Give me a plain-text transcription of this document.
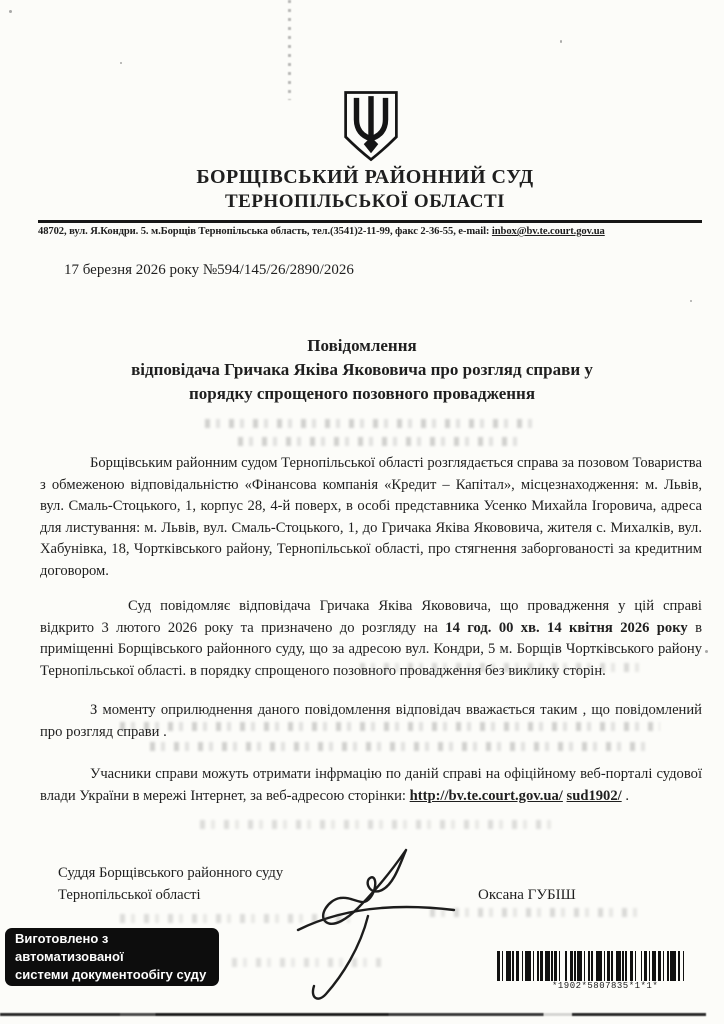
БОРЩІВСЬКИЙ РАЙОННИЙ СУД
ТЕРНОПІЛЬСЬКОЇ ОБЛАСТІ
48702, вул. Я.Кондри. 5. м.Борщів Тернопільська область, тел.(3541)2-11-99, факс 2-36-55, e-mail: inbox@bv.te.court.gov.ua
17 березня 2026 року №594/145/26/2890/2026
Повідомлення
відповідача Гричака Яківа Якововича про розгляд справи у
порядку спрощеного позовного провадження
Борщівським районним судом Тернопільської області розглядається справа за позовом Товариства з обмеженою відповідальністю «Фінансова компанія «Кредит – Капітал», місцезнаходження: м. Львів, вул. Смаль-Стоцького, 1, корпус 28, 4-й поверх, в особі представника Усенко Михайла Ігоровича, адреса для листування: м. Львів, вул. Смаль-Стоцького, 1, до Гричака Яківа Якововича, жителя с. Михалків, вул. Хабунівка, 18, Чортківського району, Тернопільської області, про стягнення заборгованості за кредитним договором.
Суд повідомляє відповідача Гричака Яківа Якововича, що провадження у цій справі відкрито 3 лютого 2026 року та призначено до розгляду на 14 год. 00 хв. 14 квітня 2026 року в приміщенні Борщівського районного суду, що за адресою вул. Кондри, 5 м. Борщів Чортківського району Тернопільської області. в порядку спрощеного позовного провадження без виклику сторін.
З моменту оприлюднення даного повідомлення відповідач вважається таким , що повідомлений про розгляд справи .
Учасники справи можуть отримати інфрмацію по даній справі на офіційному веб-порталі судової влади України в мережі Інтернет, за веб-адресою сторінки: http://bv.te.court.gov.ua/ sud1902/ .
Суддя Борщівського районного суду
Тернопільської області	Оксана ГУБІШ
Виготовлено з автоматизованої
системи документообігу суду
*1902*5807835*1*1*
